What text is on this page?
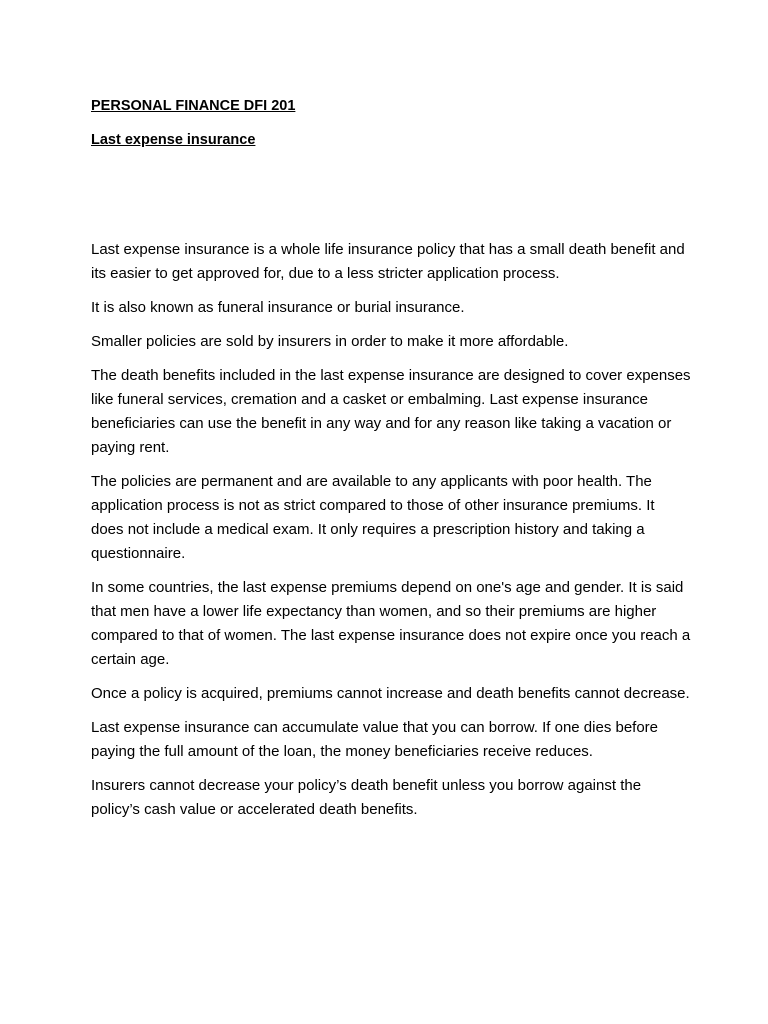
PERSONAL FINANCE DFI 201

Last expense insurance

Last expense insurance is a whole life insurance policy that has a small death benefit and its easier to get approved for, due to a less stricter application process.

It is also known as funeral insurance or burial insurance.

Smaller policies are sold by insurers in order to make it more affordable.

The death benefits included in the last expense insurance are designed to cover expenses like funeral services, cremation and a casket or embalming. Last expense insurance beneficiaries can use the benefit in any way and for any reason like taking a vacation or paying rent.

The policies are permanent and are available to any applicants with poor health. The application process is not as strict compared to those of other insurance premiums. It does not include a medical exam. It only requires a prescription history and taking a questionnaire.

In some countries, the last expense premiums depend on one's age and gender. It is said that men have a lower life expectancy than women, and so their premiums are higher compared to that of women. The last expense insurance does not expire once you reach a certain age.

Once a policy is acquired, premiums cannot increase and death benefits cannot decrease.

Last expense insurance can accumulate value that you can borrow. If one dies before paying the full amount of the loan, the money beneficiaries receive reduces.

Insurers cannot decrease your policy’s death benefit unless you borrow against the policy’s cash value or accelerated death benefits.
